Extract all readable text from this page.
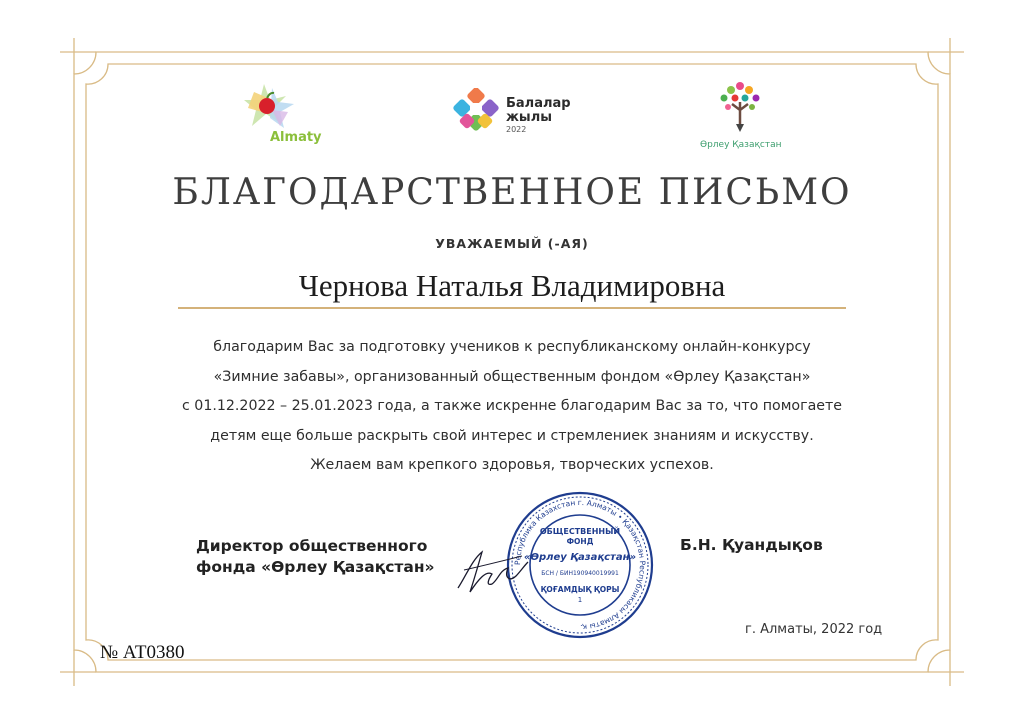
Almaty
Балалар
жылы
2022
Өрлеу Қазақстан
БЛАГОДАРСТВЕННОЕ ПИСЬМО
УВАЖАЕМЫЙ (-АЯ)
Чернова Наталья Владимировна
благодарим Вас за подготовку учеников к республиканскому онлайн-конкурсу
«Зимние забавы», организованный общественным фондом «Өрлеу Қазақстан»
с 01.12.2022 – 25.01.2023 года, а также искренне благодарим Вас за то, что помогаете
детям еще больше раскрыть свой интерес и стремлениек знаниям и искусству.
Желаем вам крепкого здоровья, творческих успехов.
Директор общественного
фонда «Өрлеу Қазақстан»	Республика Казахстан г. Алматы • Қазақстан Республикасы Алматы қ.
ОБЩЕСТВЕННЫЙ
ФОНД
«Өрлеу Қазақстан»
БСН / БИН190940019991
ҚОҒАМДЫҚ ҚОРЫ
1
Б.Н. Қуандықов
г. Алматы, 2022 год
№ АТ0380
